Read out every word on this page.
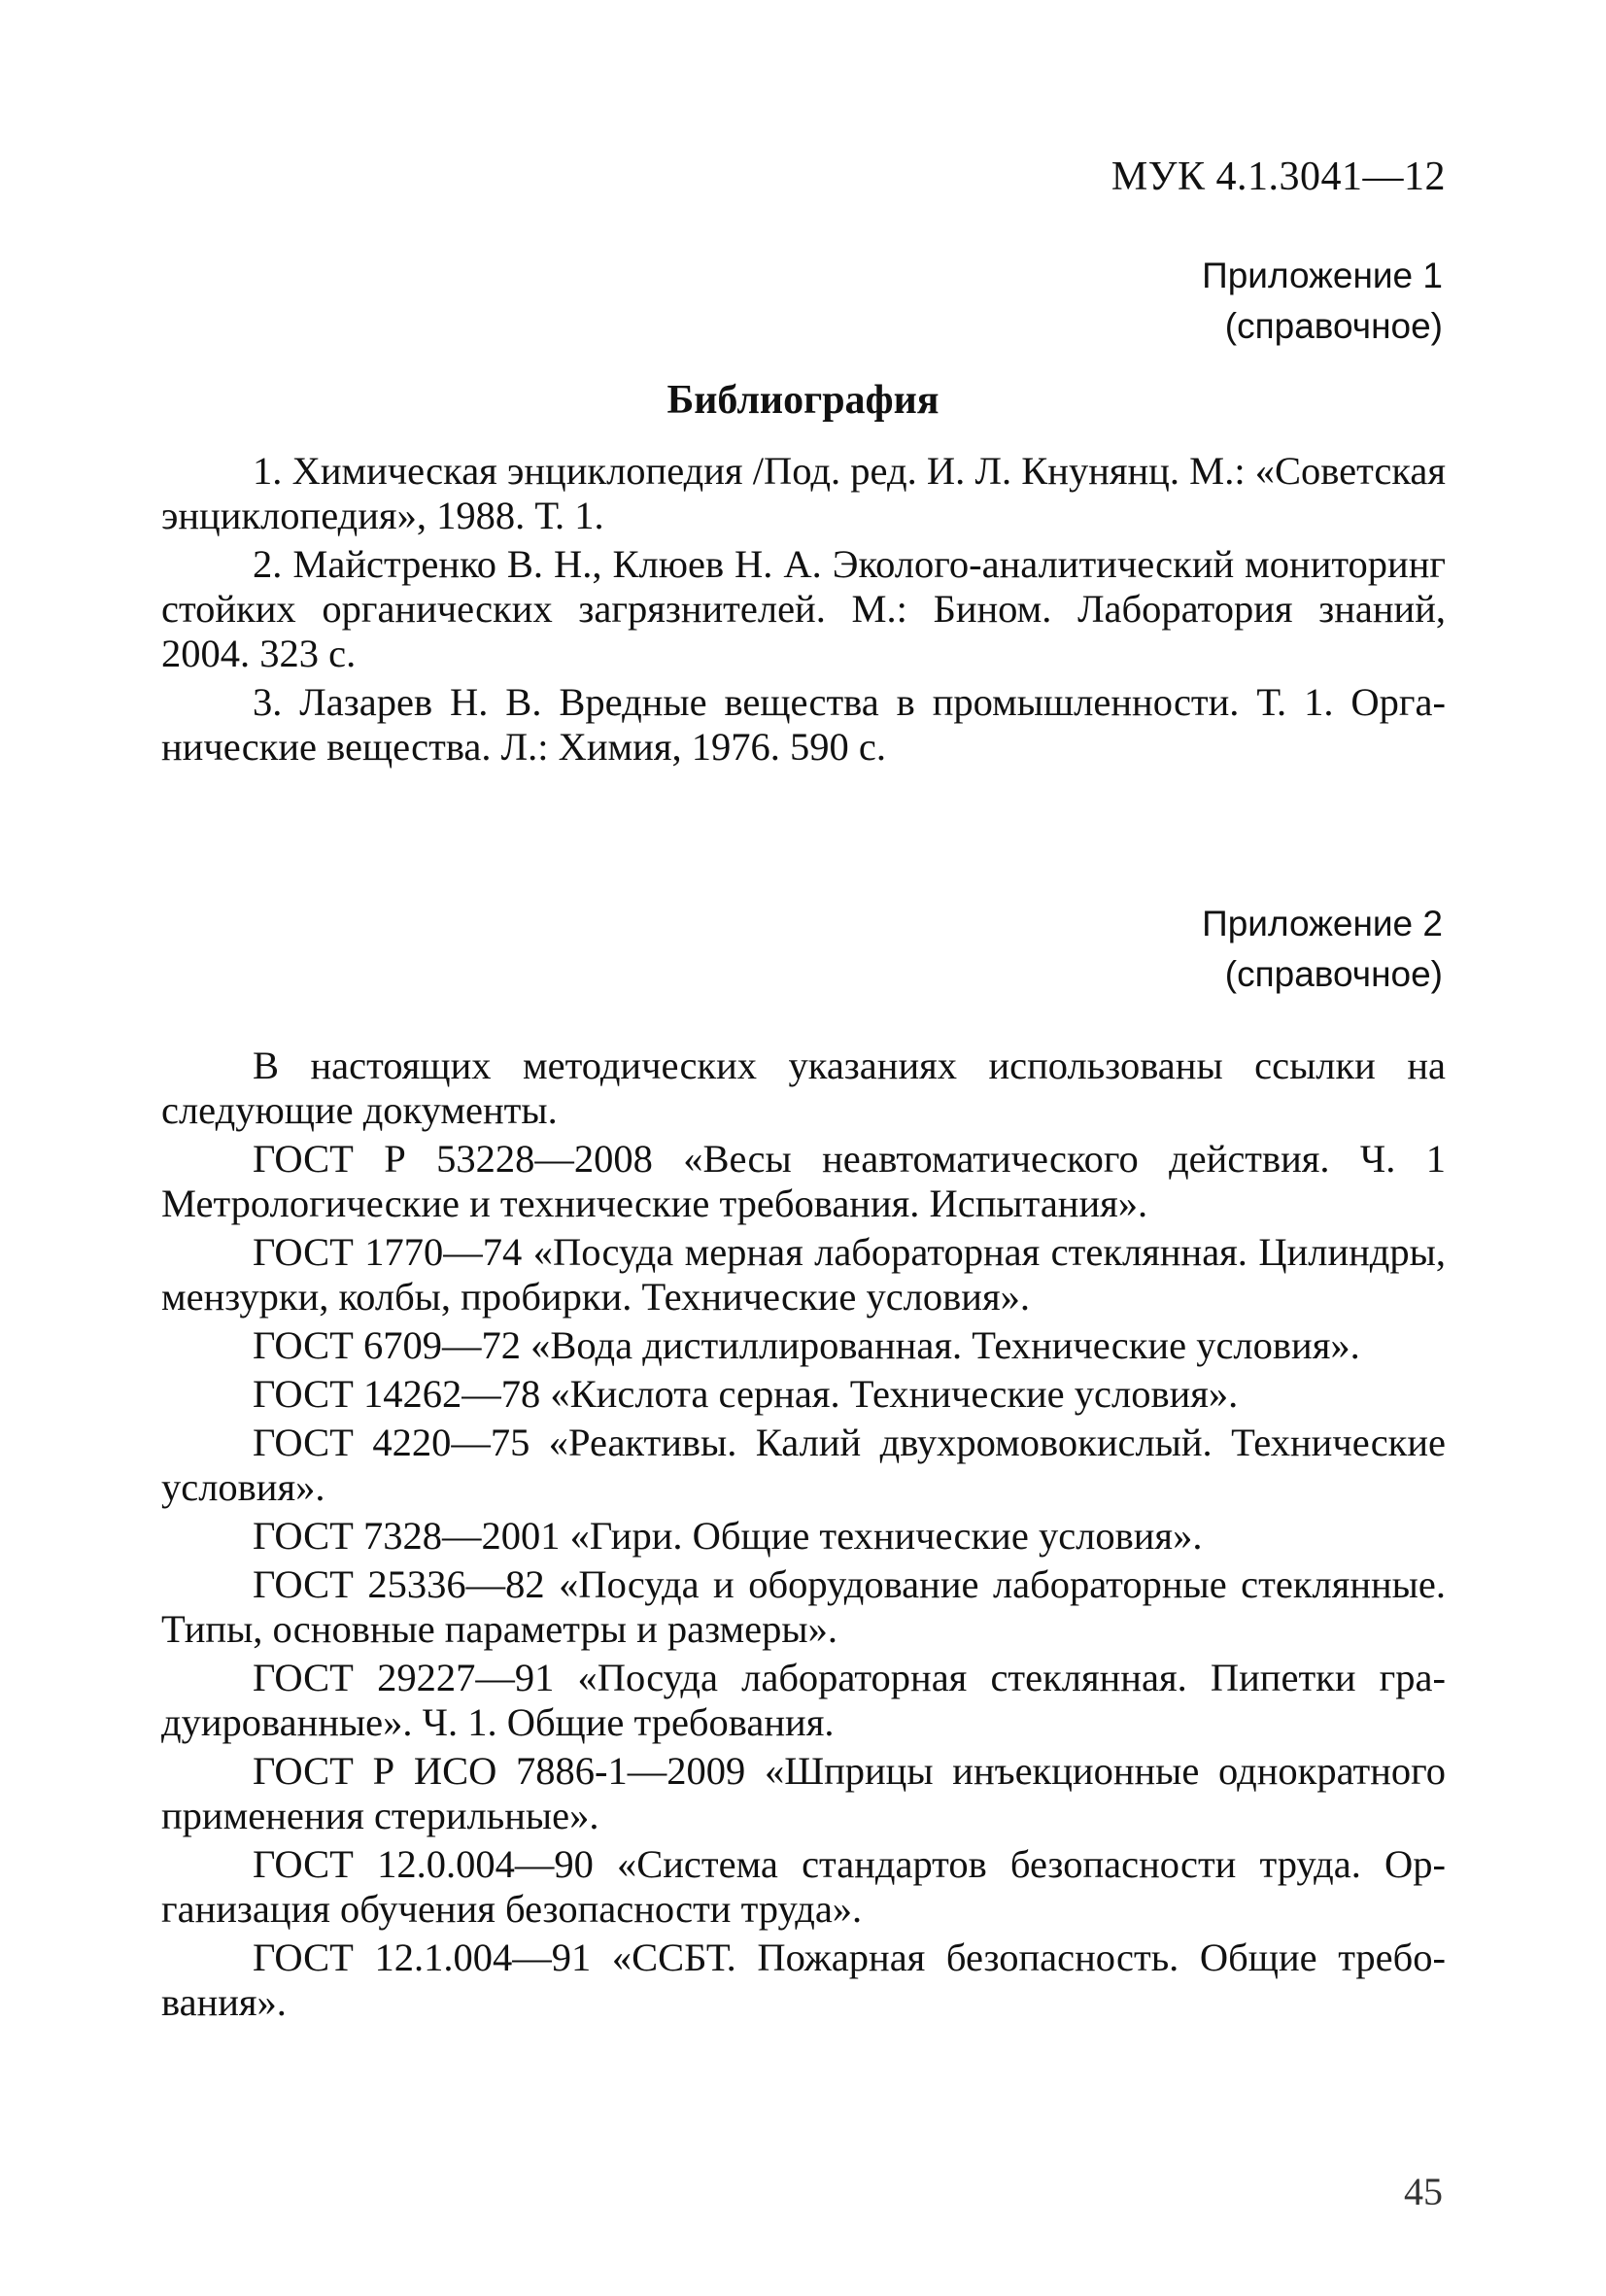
МУК 4.1.3041—12
Приложение 1
(справочное)
Библиография

1. Химическая энциклопедия /Под. ред. И. Л. Кнунянц. М.: «Советская энциклопедия», 1988. Т. 1.

2. Майстренко В. Н., Клюев Н. А. Эколого-аналитический мониторинг стойких органических загрязнителей. М.: Бином. Лаборатория знаний, 2004. 323 с.

3. Лазарев Н. В. Вредные вещества в промышленности. Т. 1. Органические вещества. Л.: Химия, 1976. 590 с.

Приложение 2
(справочное)

В настоящих методических указаниях использованы ссылки на следующие документы.

ГОСТ Р 53228—2008 «Весы неавтоматического действия. Ч. 1 Метрологические и технические требования. Испытания».

ГОСТ 1770—74 «Посуда мерная лабораторная стеклянная. Цилиндры, мензурки, колбы, пробирки. Технические условия».

ГОСТ 6709—72 «Вода дистиллированная. Технические условия».

ГОСТ 14262—78 «Кислота серная. Технические условия».

ГОСТ 4220—75 «Реактивы. Калий двухромовокислый. Технические условия».

ГОСТ 7328—2001 «Гири. Общие технические условия».

ГОСТ 25336—82 «Посуда и оборудование лабораторные стеклянные. Типы, основные параметры и размеры».

ГОСТ 29227—91 «Посуда лабораторная стеклянная. Пипетки градуированные». Ч. 1. Общие требования.

ГОСТ Р ИСО 7886-1—2009 «Шприцы инъекционные однократного применения стерильные».

ГОСТ 12.0.004—90 «Система стандартов безопасности труда. Организация обучения безопасности труда».

ГОСТ 12.1.004—91 «ССБТ. Пожарная безопасность. Общие требования».

45
